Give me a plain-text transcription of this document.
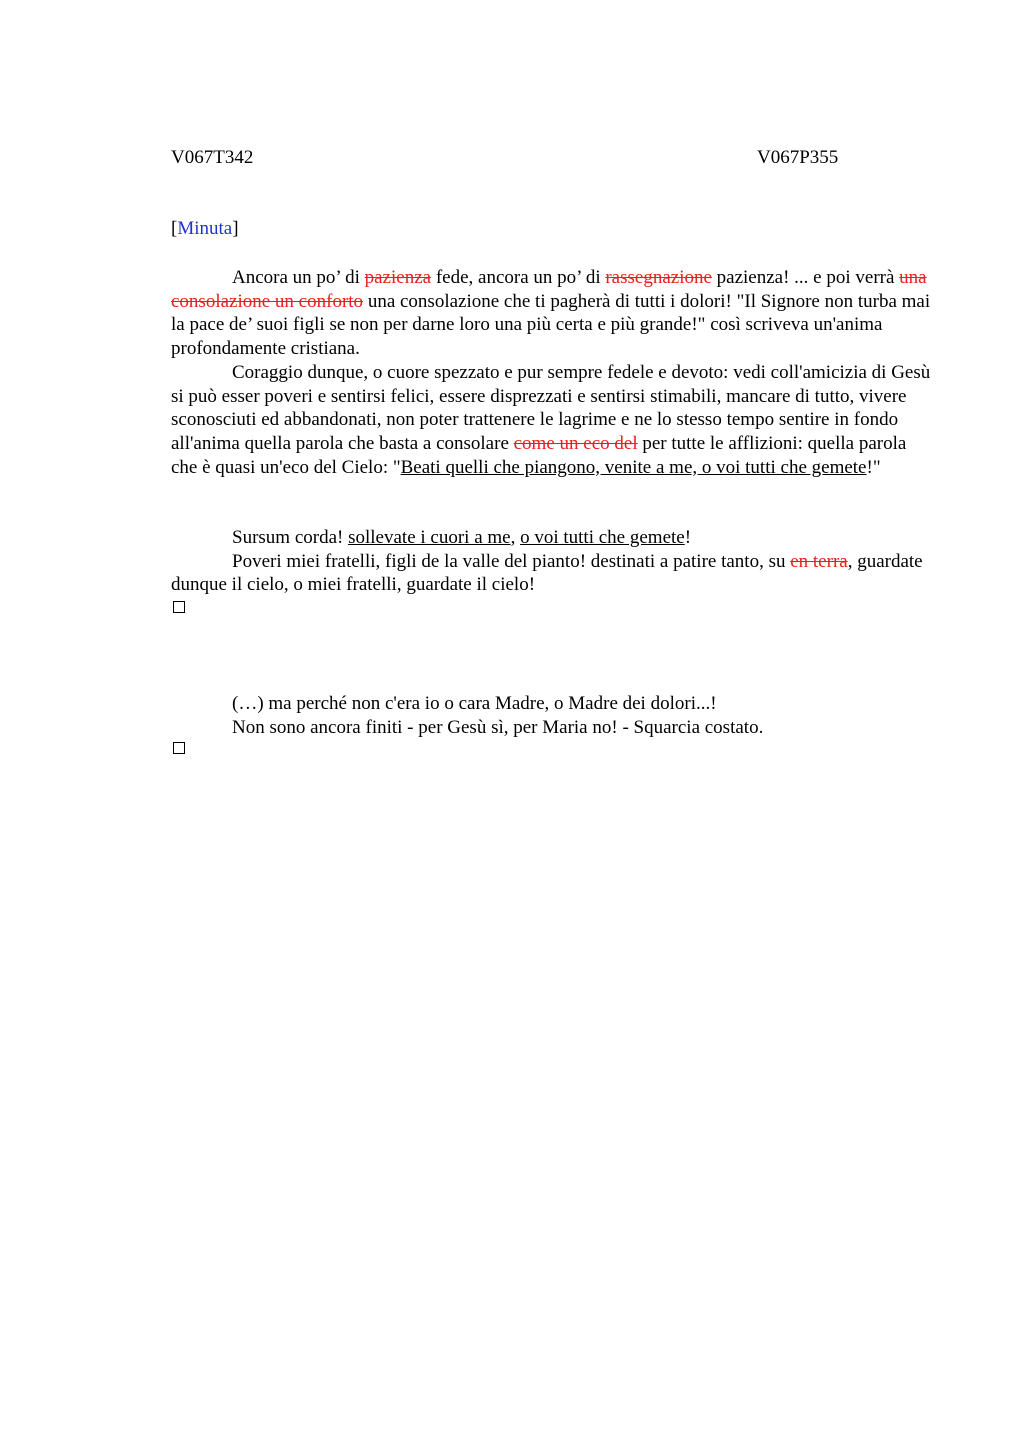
V067T342	V067P355
[Minuta]

Ancora un po’ di pazienza fede, ancora un po’ di rassegnazione pazienza! ... e poi verrà una consolazione un conforto una consolazione che ti pagherà di tutti i dolori! "Il Signore non turba mai la pace de’ suoi figli se non per darne loro una più certa e più grande!" così scriveva un'anima profondamente cristiana.

Coraggio dunque, o cuore spezzato e pur sempre fedele e devoto: vedi coll'amicizia di Gesù si può esser poveri e sentirsi felici, essere disprezzati e sentirsi stimabili, mancare di tutto, vivere sconosciuti ed abbandonati, non poter trattenere le lagrime e ne lo stesso tempo sentire in fondo all'anima quella parola che basta a consolare come un eco del per tutte le afflizioni: quella parola che è quasi un'eco del Cielo: "Beati quelli che piangono, venite a me, o voi tutti che gemete!"

Sursum corda! sollevate i cuori a me, o voi tutti che gemete!

Poveri miei fratelli, figli de la valle del pianto! destinati a patire tanto, su en terra, guardate dunque il cielo, o miei fratelli, guardate il cielo!

(…) ma perché non c'era io o cara Madre, o Madre dei dolori...!

Non sono ancora finiti - per Gesù sì, per Maria no! - Squarcia costato.
